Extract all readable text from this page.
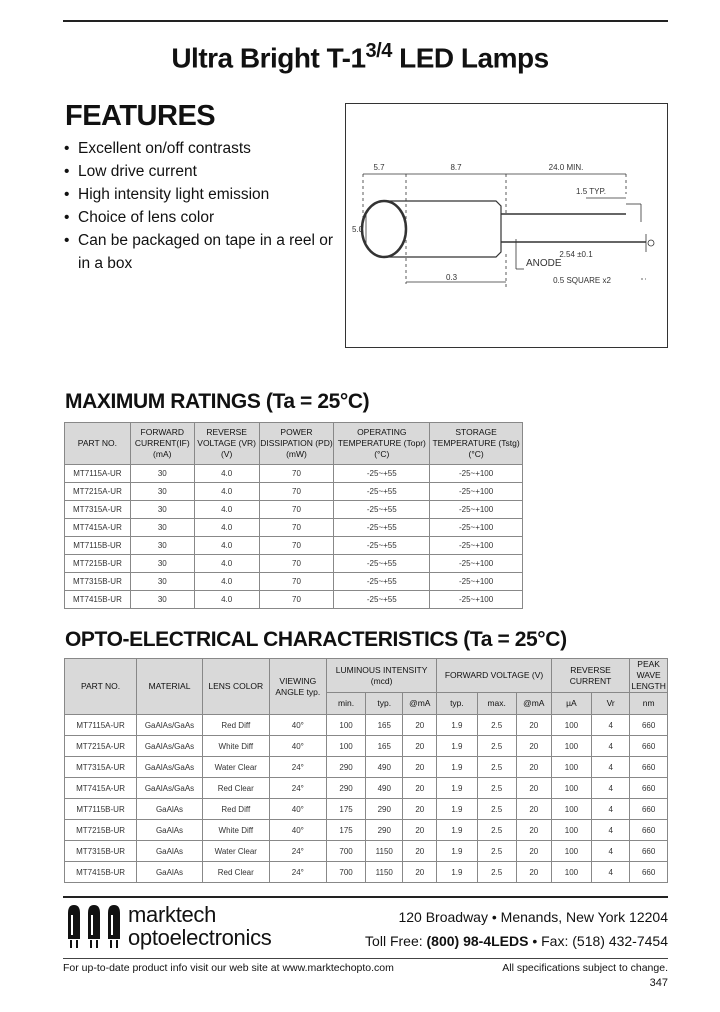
Ultra Bright $T-1^{3/4}$ LED Lamps
FEATURES
• Excellent on/off contrasts
• Low drive current
• High intensity light emission
• Choice of lens color
• Can be packaged on tape in a reel or in a box
5.7	8.7	24.0 MIN.
1.5 TYP.
5.0
2.54 ±0.1
ANODE
0.3	0.5 SQUARE x2
MAXIMUM RATINGS (Ta = 25°C)
PART NO.	FORWARD CURRENT(IF) (mA)	REVERSE VOLTAGE (VR) (V)	POWER DISSIPATION (PD) (mW)	OPERATING TEMPERATURE (Topr) (°C)	STORAGE TEMPERATURE (Tstg) (°C)
MT7115A-UR	30	4.0	70	-25~+55	-25~+100
MT7215A-UR	30	4.0	70	-25~+55	-25~+100
MT7315A-UR	30	4.0	70	-25~+55	-25~+100
MT7415A-UR	30	4.0	70	-25~+55	-25~+100
MT7115B-UR	30	4.0	70	-25~+55	-25~+100
MT7215B-UR	30	4.0	70	-25~+55	-25~+100
MT7315B-UR	30	4.0	70	-25~+55	-25~+100
MT7415B-UR	30	4.0	70	-25~+55	-25~+100
OPTO-ELECTRICAL CHARACTERISTICS (Ta = 25°C)
PART NO.	MATERIAL	LENS COLOR	VIEWING ANGLE typ.	LUMINOUS INTENSITY (mcd)			FORWARD VOLTAGE (V)			REVERSE CURRENT		PEAK WAVE LENGTH
				min.	typ.	@mA	typ.	max.	@mA	µA	Vr	nm
MT7115A-UR	GaAlAs/GaAs	Red Diff	40°	100	165	20	1.9	2.5	20	100	4	660
MT7215A-UR	GaAlAs/GaAs	White Diff	40°	100	165	20	1.9	2.5	20	100	4	660
MT7315A-UR	GaAlAs/GaAs	Water Clear	24°	290	490	20	1.9	2.5	20	100	4	660
MT7415A-UR	GaAlAs/GaAs	Red Clear	24°	290	490	20	1.9	2.5	20	100	4	660
MT7115B-UR	GaAlAs	Red Diff	40°	175	290	20	1.9	2.5	20	100	4	660
MT7215B-UR	GaAlAs	White Diff	40°	175	290	20	1.9	2.5	20	100	4	660
MT7315B-UR	GaAlAs	Water Clear	24°	700	1150	20	1.9	2.5	20	100	4	660
MT7415B-UR	GaAlAs	Red Clear	24°	700	1150	20	1.9	2.5	20	100	4	660
marktech
optoelectronics
120 Broadway • Menands, New York 12204
Toll Free: (800) 98-4LEDS • Fax: (518) 432-7454
For up-to-date product info visit our web site at www.marktechopto.com	All specifications subject to change.
347
